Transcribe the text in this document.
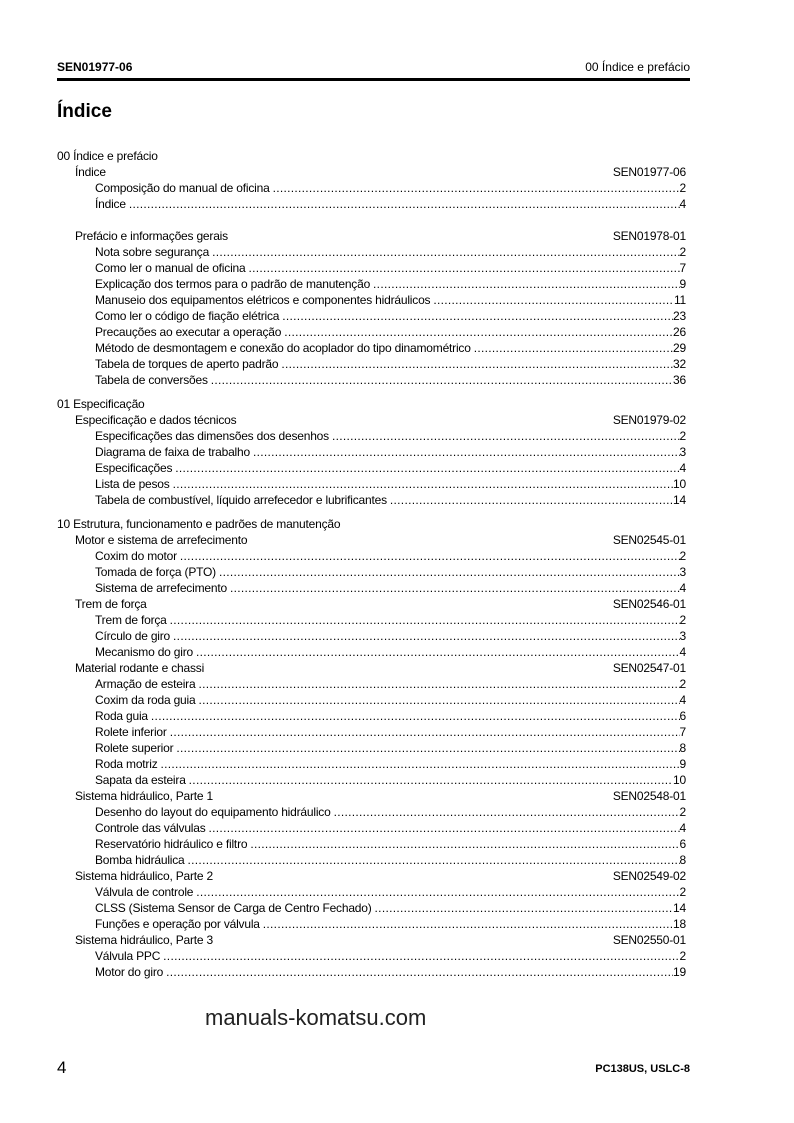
SEN01977-06	00 Índice e prefácio
Índice
00 Índice e prefácio
Índice	SEN01977-06
Composição do manual de oficina .....	2
Índice .....	4
Prefácio e informações gerais	SEN01978-01
Nota sobre segurança .....	2
Como ler o manual de oficina .....	7
Explicação dos termos para o padrão de manutenção .....	9
Manuseio dos equipamentos elétricos e componentes hidráulicos .....	11
Como ler o código de fiação elétrica .....	23
Precauções ao executar a operação .....	26
Método de desmontagem e conexão do acoplador do tipo dinamométrico .....	29
Tabela de torques de aperto padrão .....	32
Tabela de conversões .....	36
01 Especificação
Especificação e dados técnicos	SEN01979-02
Especificações das dimensões dos desenhos .....	2
Diagrama de faixa de trabalho .....	3
Especificações .....	4
Lista de pesos .....	10
Tabela de combustível, líquido arrefecedor e lubrificantes .....	14
10 Estrutura, funcionamento e padrões de manutenção
Motor e sistema de arrefecimento	SEN02545-01
Coxim do motor .....	2
Tomada de força (PTO) .....	3
Sistema de arrefecimento .....	4
Trem de força	SEN02546-01
Trem de força .....	2
Círculo de giro .....	3
Mecanismo do giro .....	4
Material rodante e chassi	SEN02547-01
Armação de esteira .....	2
Coxim da roda guia .....	4
Roda guia .....	6
Rolete inferior .....	7
Rolete superior .....	8
Roda motriz .....	9
Sapata da esteira .....	10
Sistema hidráulico, Parte 1	SEN02548-01
Desenho do layout do equipamento hidráulico .....	2
Controle das válvulas .....	4
Reservatório hidráulico e filtro .....	6
Bomba hidráulica .....	8
Sistema hidráulico, Parte 2	SEN02549-02
Válvula de controle .....	2
CLSS (Sistema Sensor de Carga de Centro Fechado) .....	14
Funções e operação por válvula .....	18
Sistema hidráulico, Parte 3	SEN02550-01
Válvula PPC .....	2
Motor do giro .....	19
manuals-komatsu.com
4	PC138US, USLC-8
